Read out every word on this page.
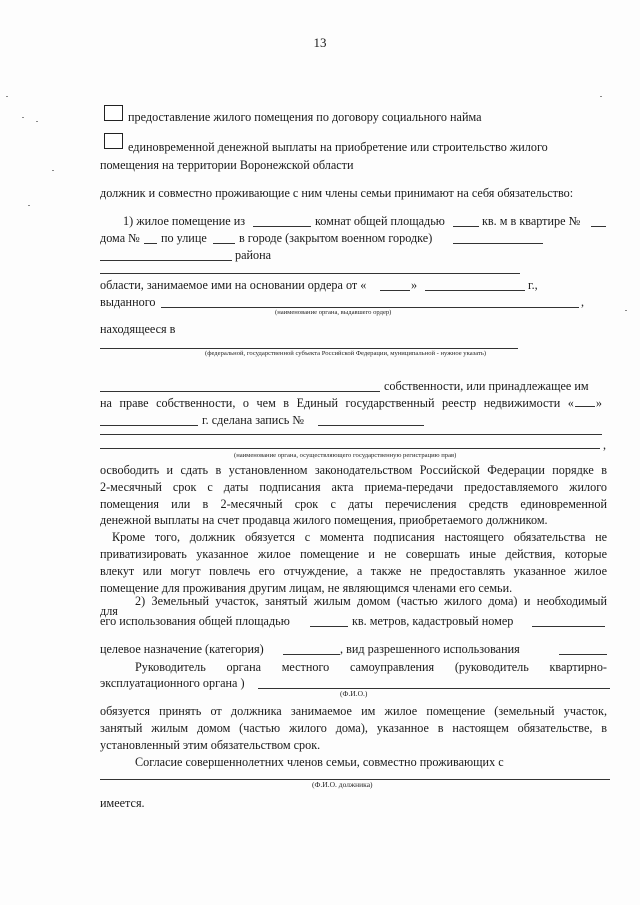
13
предоставление жилого помещения по договору социального найма
единовременной денежной выплаты на приобретение или строительство жилого
помещения на территории Воронежской области
должник и совместно проживающие с ним члены семьи принимают на себя обязательство:
1) жилое помещение из	комнат общей площадью	кв. м в квартире №
дома № по улице	в городе (закрытом военном городке)
района
области, занимаемое ими на основании ордера от «	»	г.,
выданного	,
(наименование органа, выдавшего ордер)
находящееся в
(федеральной, государственной субъекта Российской Федерации, муниципальной - нужное указать)
собственности, или принадлежащее им
на праве собственности, о чем в Единый государственный реестр недвижимости « »
г. сделана запись №
,
(наименование органа, осуществляющего государственную регистрацию прав)
освободить и сдать в установленном законодательством Российской Федерации порядке в
2-месячный срок с даты подписания акта приема-передачи предоставляемого жилого
помещения или в 2-месячный срок с даты перечисления средств единовременной
денежной выплаты на счет продавца жилого помещения, приобретаемого должником.
Кроме того, должник обязуется с момента подписания настоящего обязательства не
приватизировать указанное жилое помещение и не совершать иные действия, которые
влекут или могут повлечь его отчуждение, а также не предоставлять указанное жилое
помещение для проживания другим лицам, не являющимся членами его семьи.
2) Земельный участок, занятый жилым домом (частью жилого дома) и необходимый
для
его использования общей площадью	кв. метров, кадастровый номер
целевое назначение (категория)	, вид разрешенного использования
Руководитель органа местного самоуправления (руководитель квартирно-
эксплуатационного органа )
(Ф.И.О.)
обязуется принять от должника занимаемое им жилое помещение (земельный участок,
занятый жилым домом (частью жилого дома), указанное в настоящем обязательстве, в
установленный этим обязательством срок.
Согласие совершеннолетних членов семьи, совместно проживающих с
(Ф.И.О. должника)
имеется.
